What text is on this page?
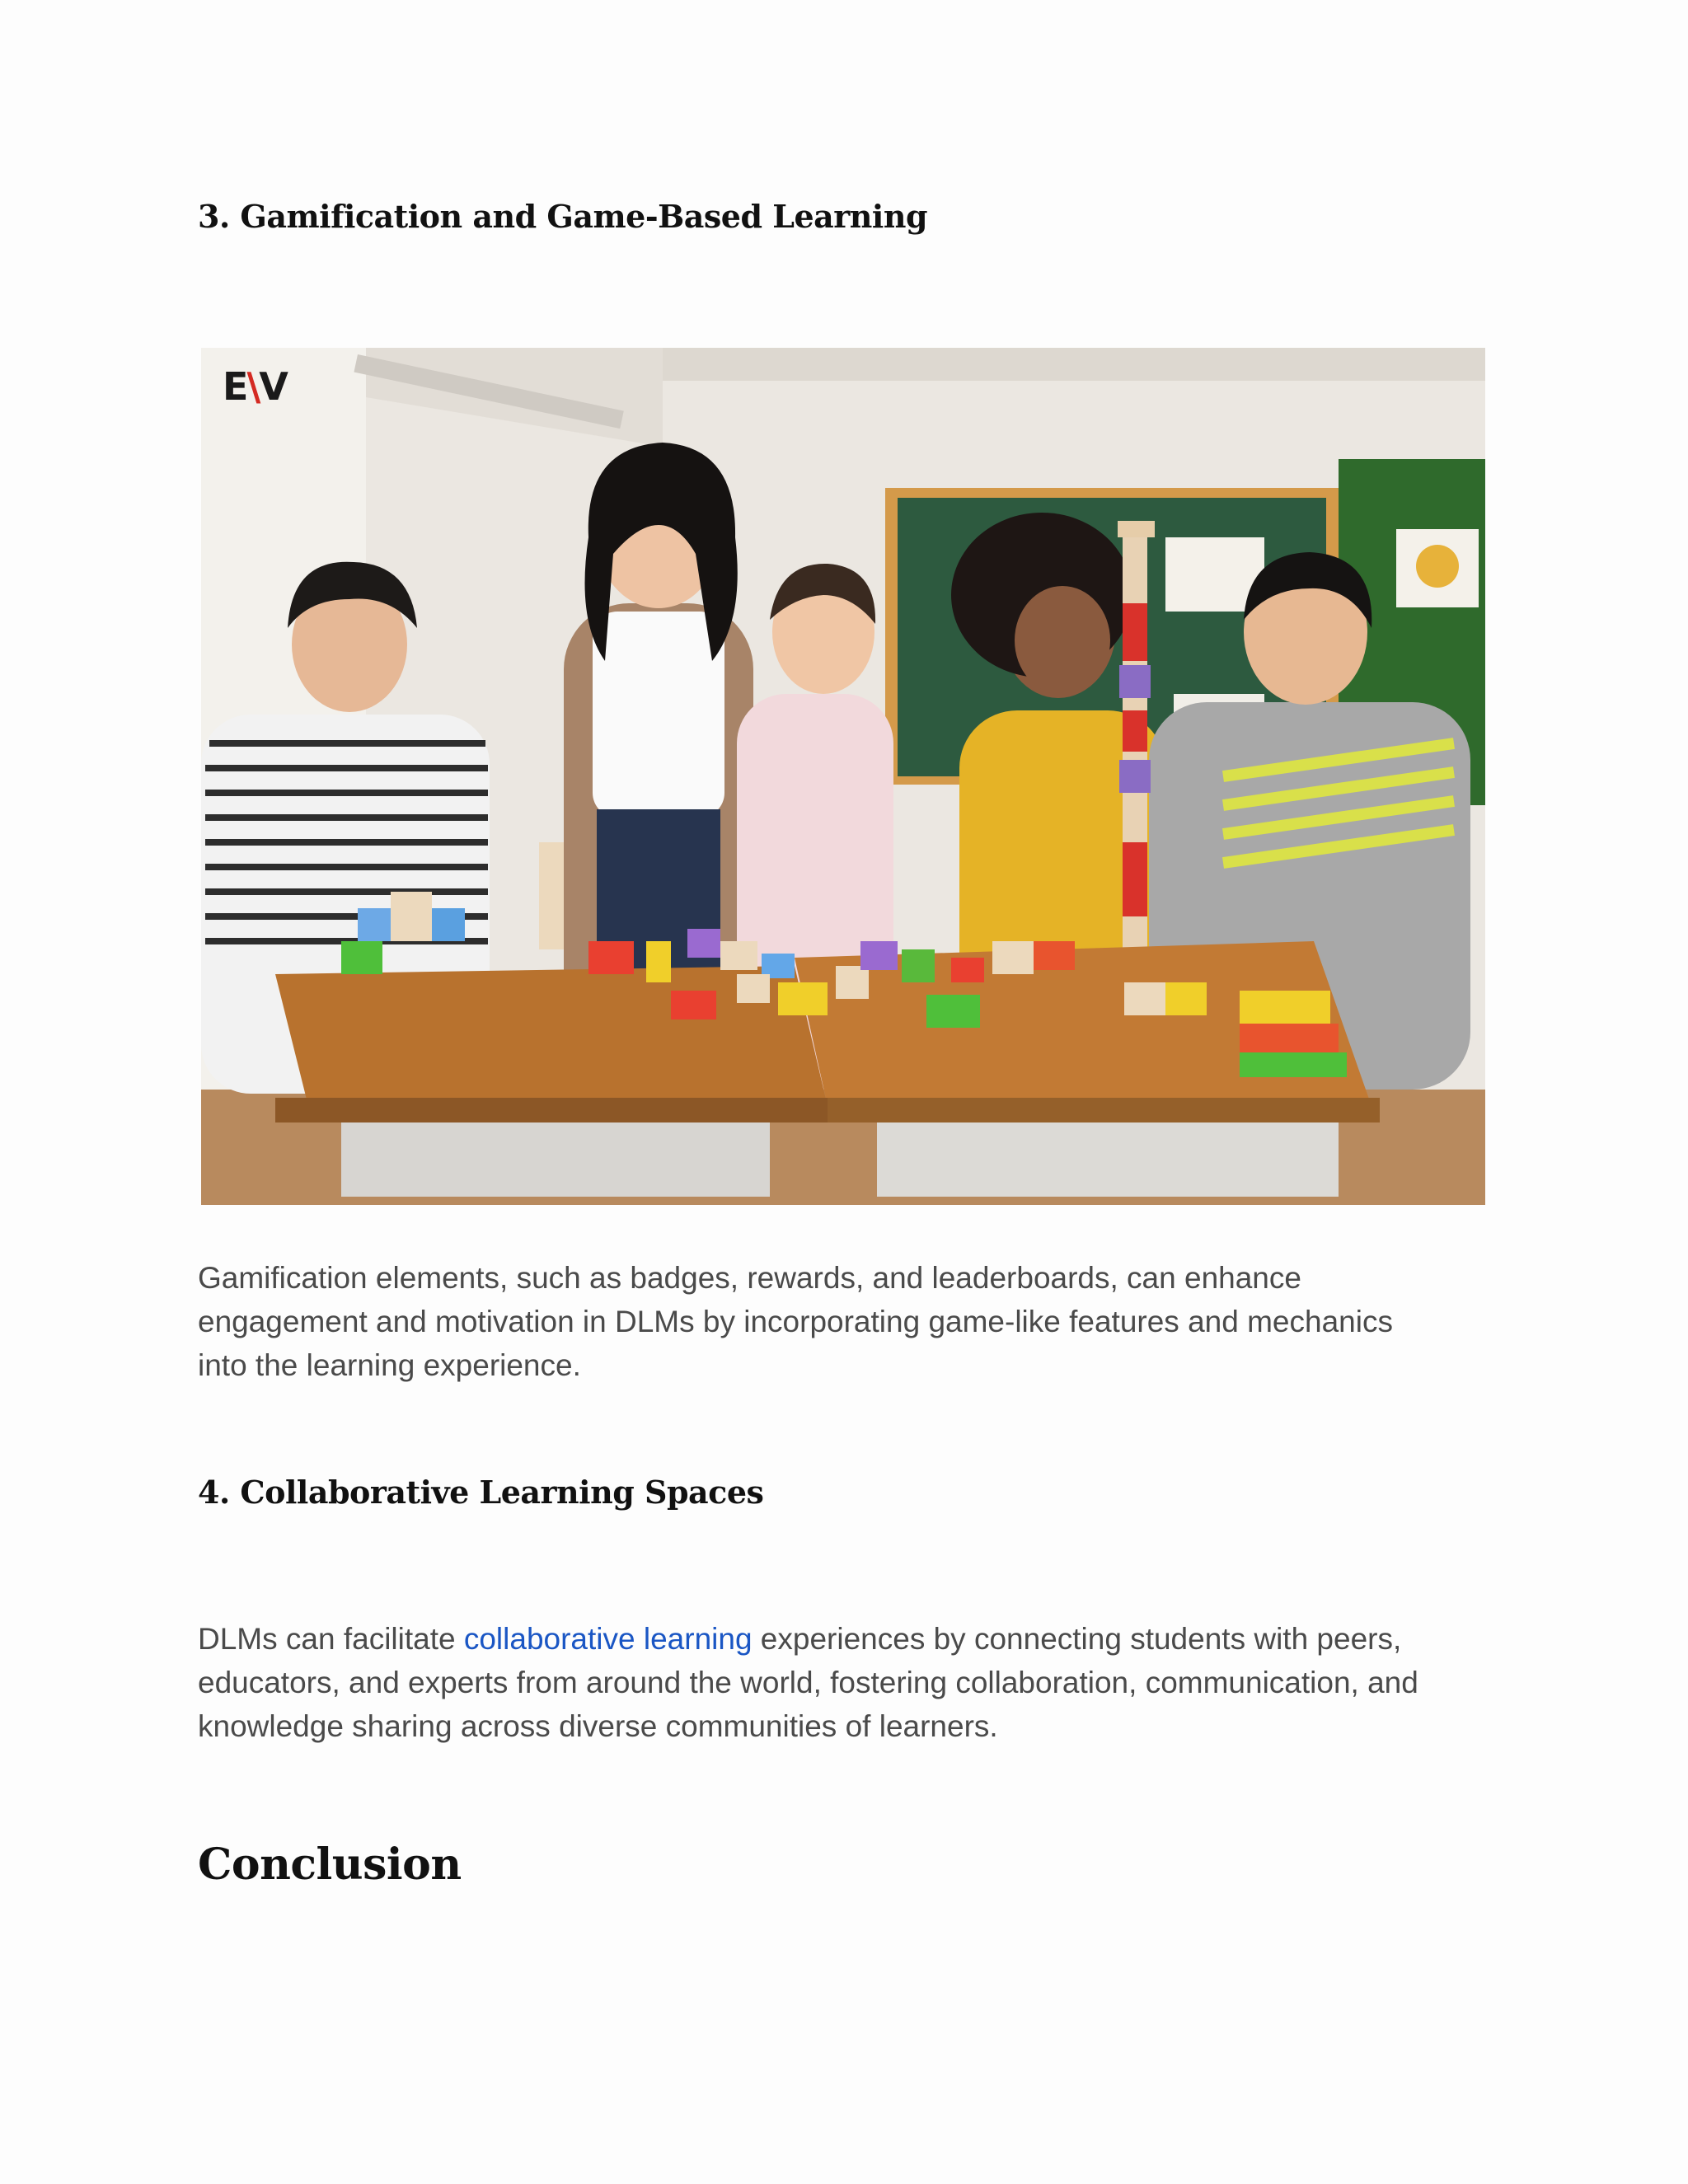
3. Gamification and Game-Based Learning
E\V

Gamification elements, such as badges, rewards, and leaderboards, can enhance
engagement and motivation in DLMs by incorporating game-like features and mechanics
into the learning experience.

4. Collaborative Learning Spaces

DLMs can facilitate collaborative learning experiences by connecting students with peers,
educators, and experts from around the world, fostering collaboration, communication, and
knowledge sharing across diverse communities of learners.

Conclusion
